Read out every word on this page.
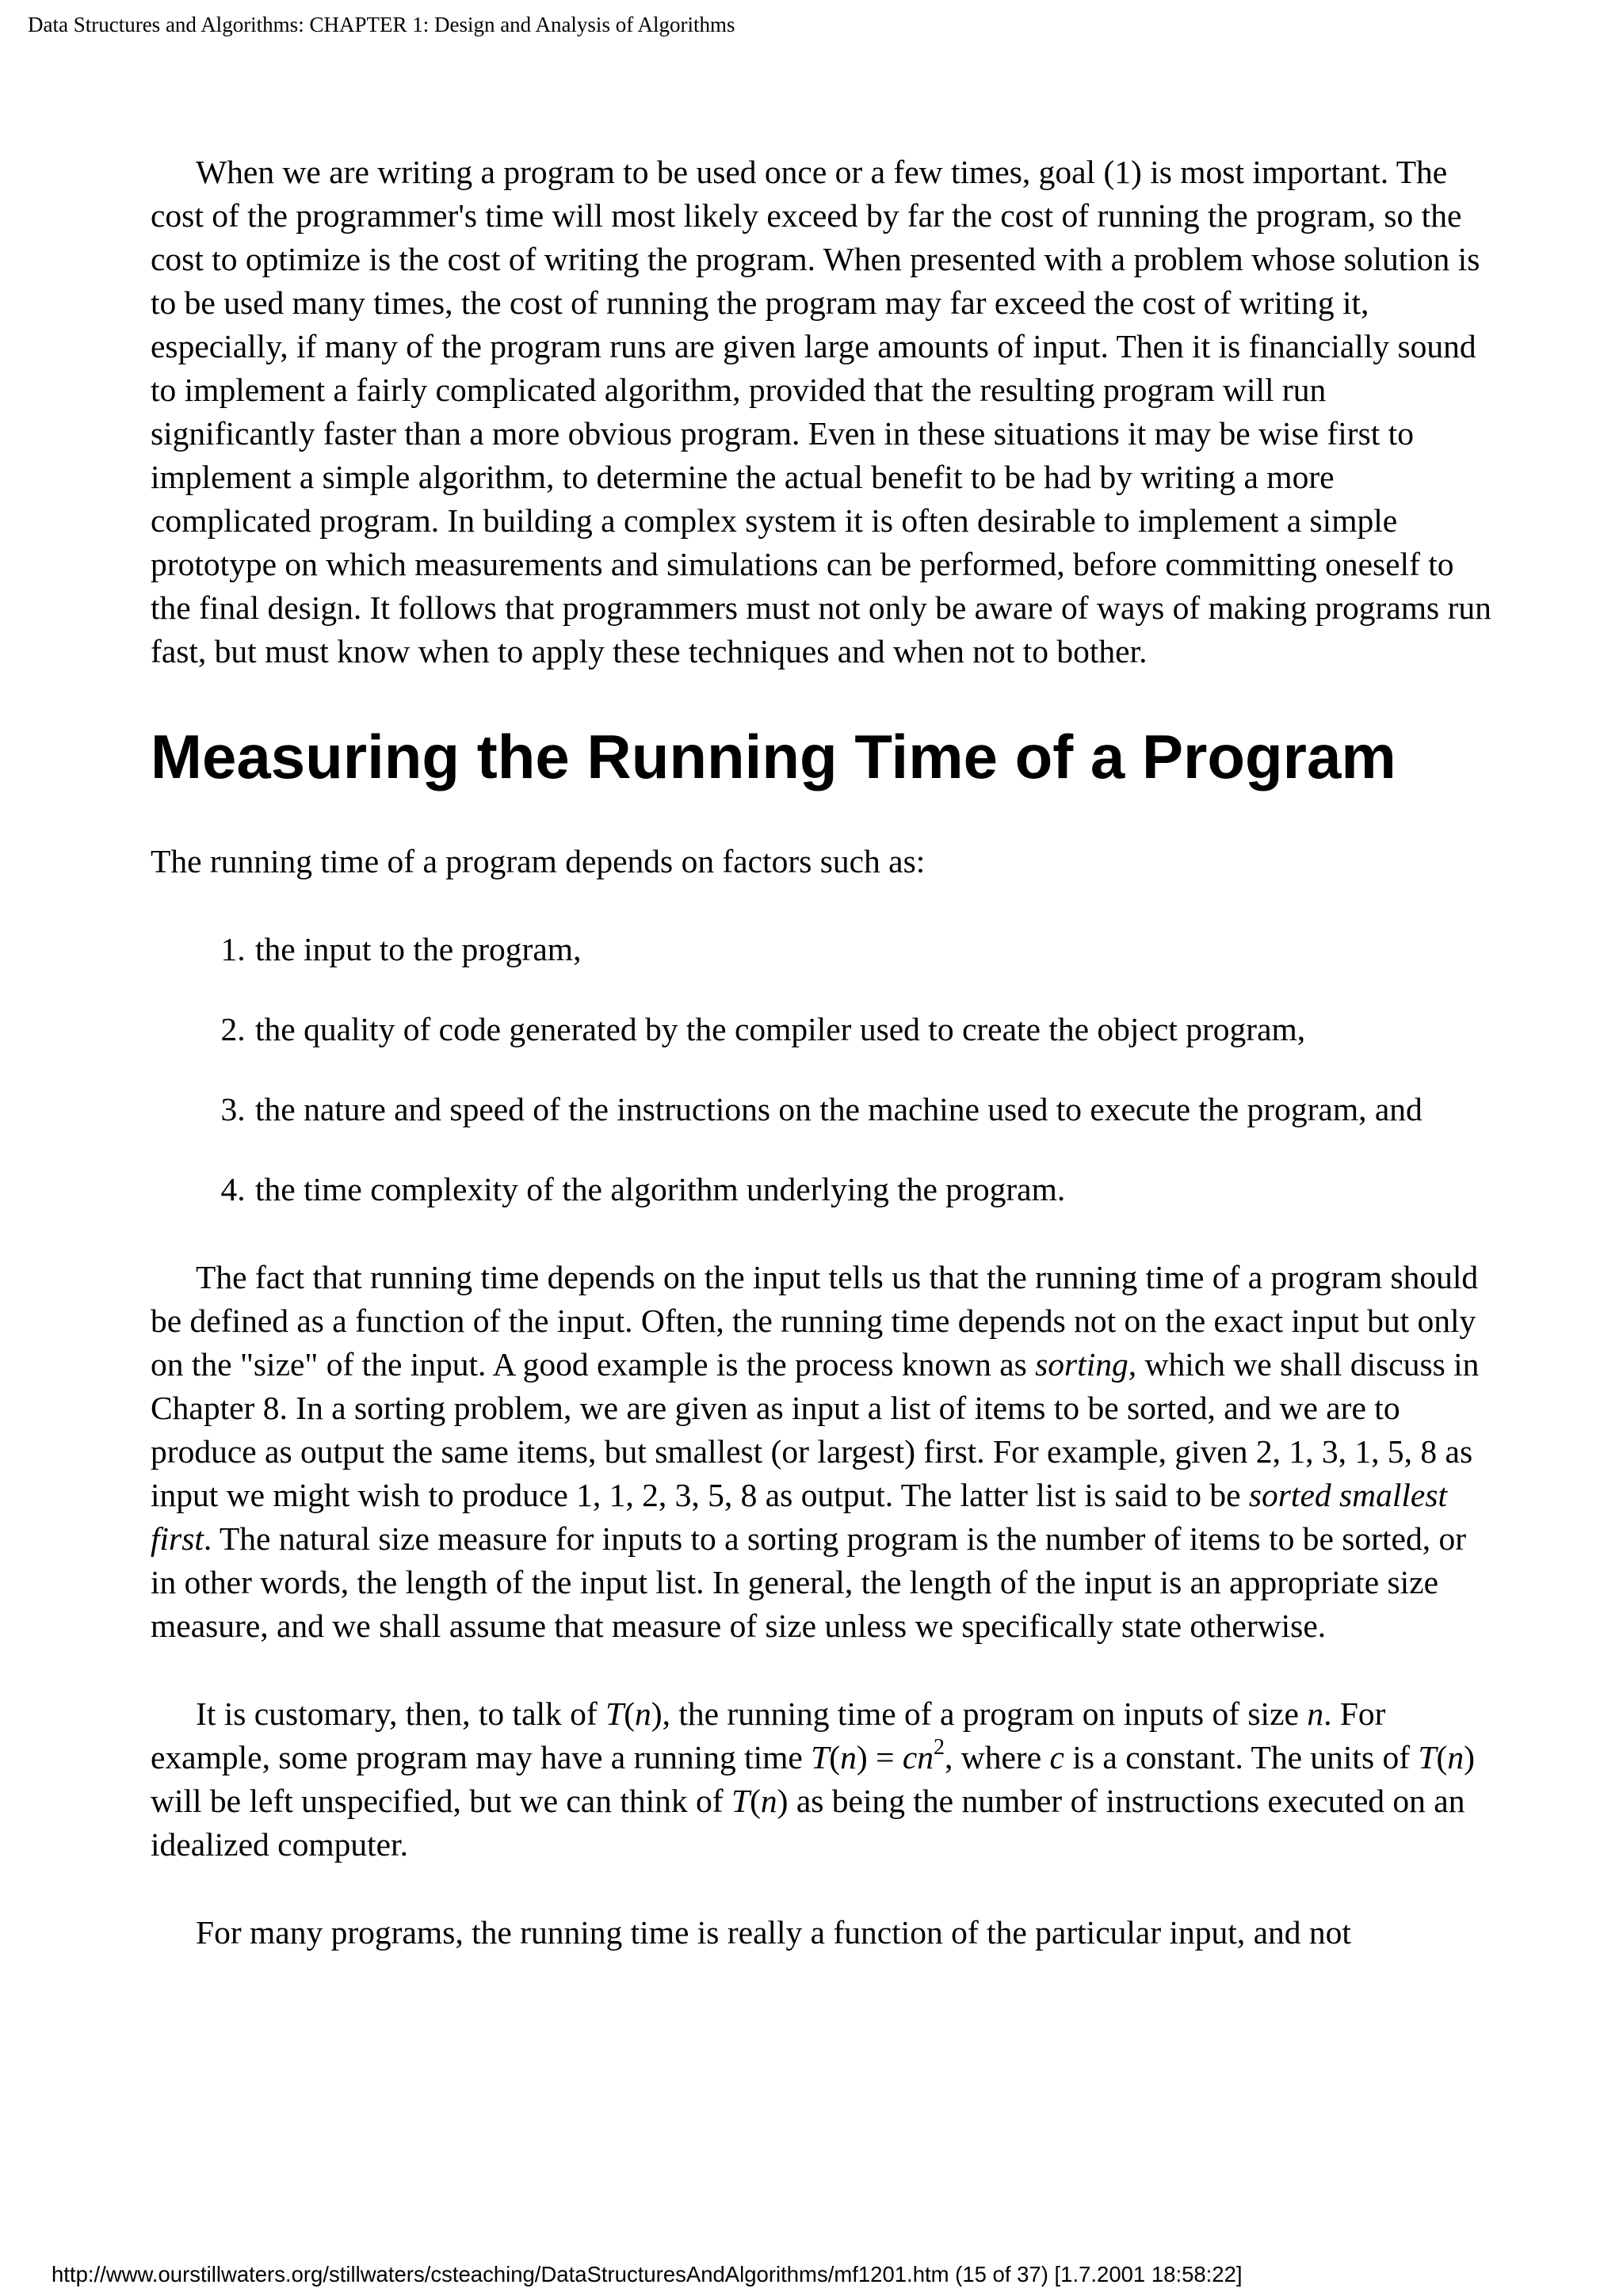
Data Structures and Algorithms: CHAPTER 1: Design and Analysis of Algorithms

When we are writing a program to be used once or a few times, goal (1) is most important. The cost of the programmer's time will most likely exceed by far the cost of running the program, so the cost to optimize is the cost of writing the program. When presented with a problem whose solution is to be used many times, the cost of running the program may far exceed the cost of writing it, especially, if many of the program runs are given large amounts of input. Then it is financially sound to implement a fairly complicated algorithm, provided that the resulting program will run significantly faster than a more obvious program. Even in these situations it may be wise first to implement a simple algorithm, to determine the actual benefit to be had by writing a more complicated program. In building a complex system it is often desirable to implement a simple prototype on which measurements and simulations can be performed, before committing oneself to the final design. It follows that programmers must not only be aware of ways of making programs run fast, but must know when to apply these techniques and when not to bother.

Measuring the Running Time of a Program

The running time of a program depends on factors such as:

1. the input to the program,
2. the quality of code generated by the compiler used to create the object program,
3. the nature and speed of the instructions on the machine used to execute the program, and
4. the time complexity of the algorithm underlying the program.

The fact that running time depends on the input tells us that the running time of a program should be defined as a function of the input. Often, the running time depends not on the exact input but only on the "size" of the input. A good example is the process known as sorting, which we shall discuss in Chapter 8. In a sorting problem, we are given as input a list of items to be sorted, and we are to produce as output the same items, but smallest (or largest) first. For example, given 2, 1, 3, 1, 5, 8 as input we might wish to produce 1, 1, 2, 3, 5, 8 as output. The latter list is said to be sorted smallest first. The natural size measure for inputs to a sorting program is the number of items to be sorted, or in other words, the length of the input list. In general, the length of the input is an appropriate size measure, and we shall assume that measure of size unless we specifically state otherwise.

It is customary, then, to talk of T(n), the running time of a program on inputs of size n. For example, some program may have a running time $T(n) = cn^2$, where c is a constant. The units of T(n) will be left unspecified, but we can think of T(n) as being the number of instructions executed on an idealized computer.

For many programs, the running time is really a function of the particular input, and not

http://www.ourstillwaters.org/stillwaters/csteaching/DataStructuresAndAlgorithms/mf1201.htm (15 of 37) [1.7.2001 18:58:22]
